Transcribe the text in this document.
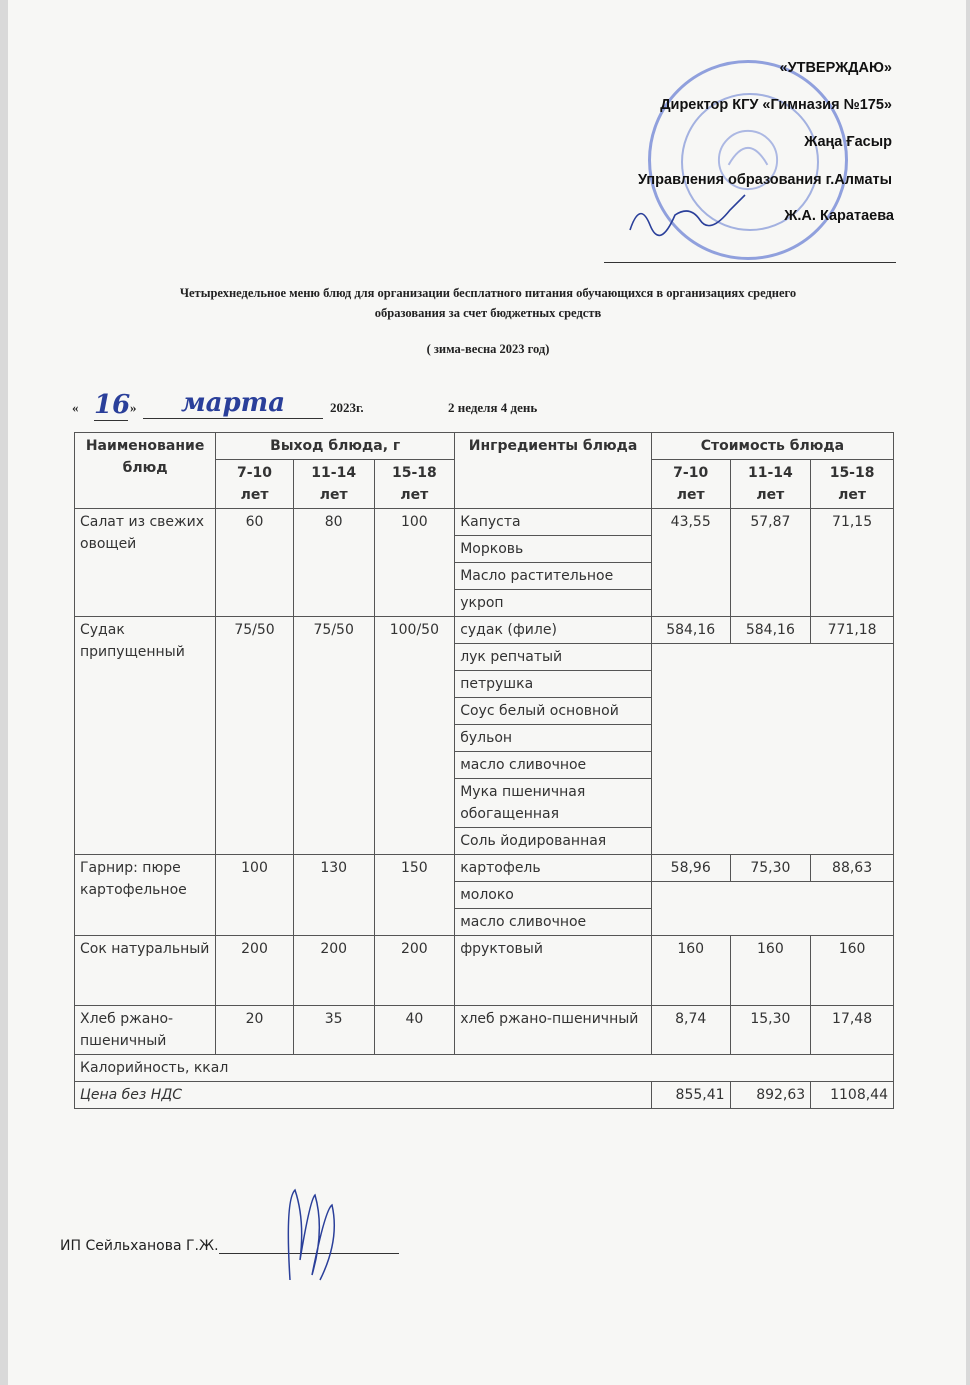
«УТВЕРЖДАЮ»
Директор КГУ «Гимназия №175»
Жаңа Ғасыр
Управления образования г.Алматы
Ж.А. Каратаева
Четырехнедельное меню блюд для организации бесплатного питания обучающихся в организациях среднего
образования за счет бюджетных средств
( зима-весна 2023 год)
« 16 »	марта	2023г.	2 неделя 4 день
Наименование блюд	Выход блюда, г			Ингредиенты блюда	Стоимость блюда		
	7-10 лет	11-14 лет	15-18 лет		7-10 лет	11-14 лет	15-18 лет
Салат из свежих овощей	60	80	100	Капуста	43,55	57,87	71,15
				Морковь			
				Масло растительное			
				укроп			
Судак припущенный	75/50	75/50	100/50	судак (филе)	584,16	584,16	771,18
				лук репчатый			
				петрушка			
				Соус белый основной			
				бульон			
				масло сливочное			
				Мука пшеничная обогащенная			
				Соль йодированная			
Гарнир: пюре картофельное	100	130	150	картофель	58,96	75,30	88,63
				молоко			
				масло сливочное			
Сок натуральный	200	200	200	фруктовый	160	160	160
Хлеб ржано-пшеничный	20	35	40	хлеб ржано-пшеничный	8,74	15,30	17,48
Калорийность, ккал							
Цена без НДС					855,41	892,63	1108,44
ИП Сейльханова Г.Ж.
